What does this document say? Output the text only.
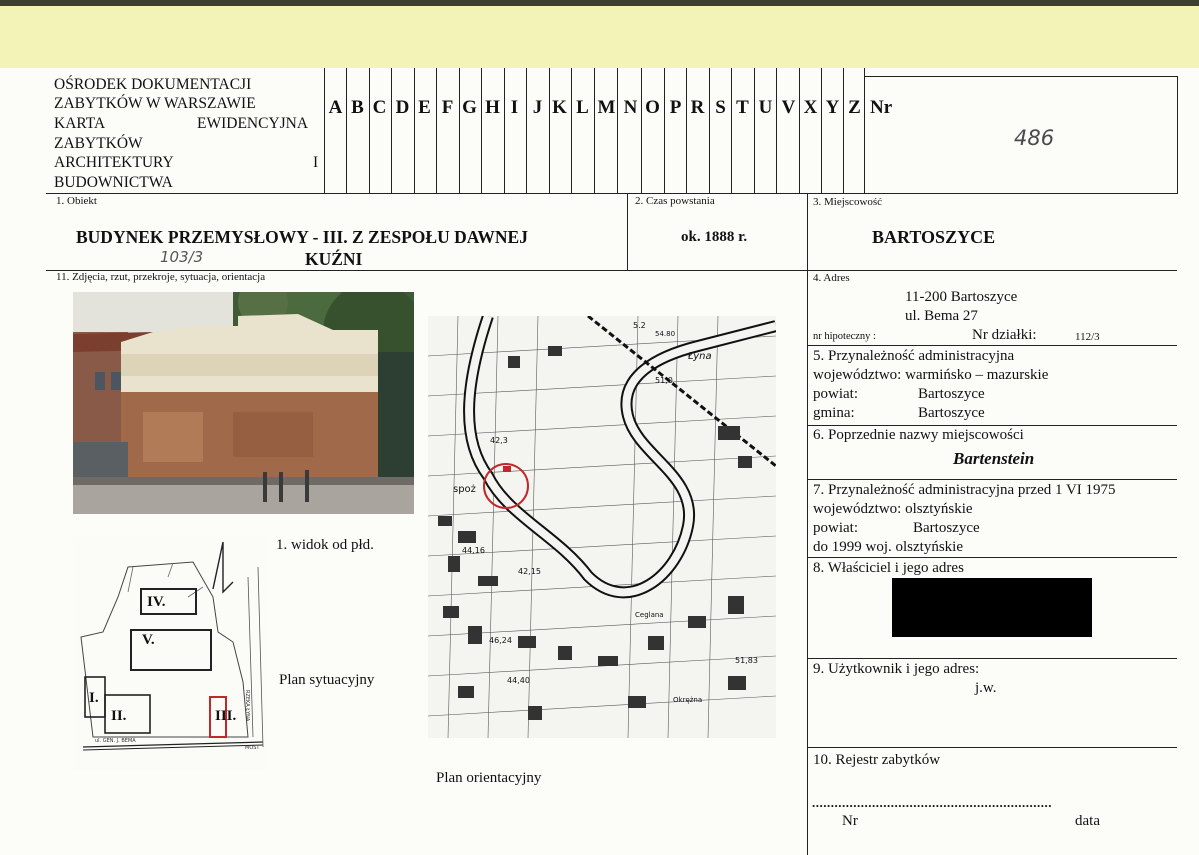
OŚRODEK DOKUMENTACJI
ZABYTKÓW W WARSZAWIE
KARTA	EWIDENCYJNA
ZABYTKÓW
ARCHITEKTURY	I
BUDOWNICTWA
A B C D E F G H I J K L M N O P R S T U V X Y Z Nr
486
1. Obiekt
BUDYNEK PRZEMYSŁOWY - III. Z ZESPOŁU DAWNEJ
103/3	KUŹNI
2. Czas powstania
ok. 1888 r.
3. Miejscowość
BARTOSZYCE
11. Zdjęcia, rzut, przekroje, sytuacja, orientacja	4. Adres
11-200 Bartoszyce
ul. Bema 27
nr hipoteczny :	Nr działki:	112/3
5. Przynależność administracyjna
województwo: warmińsko – mazurskie
powiat:	Bartoszyce
gmina:	Bartoszyce
6. Poprzednie nazwy miejscowości
Bartenstein
7. Przynależność administracyjna przed 1 VI 1975
województwo: olsztyńskie
powiat:	Bartoszyce
do 1999 woj. olsztyńskie
8. Właściciel i jego adres
9. Użytkownik i jego adres:
j.w.
10. Rejestr zabytków
................................................................
Nr	data
1. widok od płd.
IV.
V.
I.
II.	III.
ul. GEN. J. BEMA
MOST
RZEKA ŁYNA
Plan sytuacyjny
Łyna
spoż
42,3
51,0
44,16
42,15
46,24
44,40
51,83
5.2
54.80
Okrężna
Ceglana
Plan orientacyjny
